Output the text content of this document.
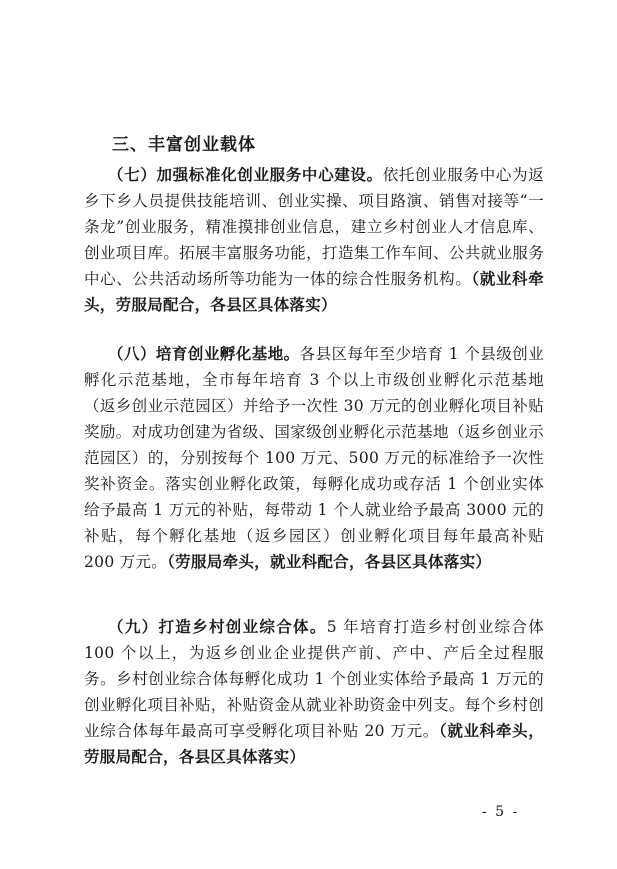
三、丰富创业载体
（七）加强标准化创业服务中心建设。依托创业服务中心为返乡下乡人员提供技能培训、创业实操、项目路演、销售对接等“一条龙”创业服务，精准摸排创业信息，建立乡村创业人才信息库、创业项目库。拓展丰富服务功能，打造集工作车间、公共就业服务中心、公共活动场所等功能为一体的综合性服务机构。（就业科牵头，劳服局配合，各县区具体落实）
（八）培育创业孵化基地。各县区每年至少培育 1 个县级创业孵化示范基地，全市每年培育 3 个以上市级创业孵化示范基地（返乡创业示范园区）并给予一次性 30 万元的创业孵化项目补贴奖励。对成功创建为省级、国家级创业孵化示范基地（返乡创业示范园区）的，分别按每个 100 万元、500 万元的标准给予一次性奖补资金。落实创业孵化政策，每孵化成功或存活 1 个创业实体给予最高 1 万元的补贴，每带动 1 个人就业给予最高 3000 元的补贴，每个孵化基地（返乡园区）创业孵化项目每年最高补贴 200 万元。（劳服局牵头，就业科配合，各县区具体落实）
（九）打造乡村创业综合体。5 年培育打造乡村创业综合体 100 个以上，为返乡创业企业提供产前、产中、产后全过程服务。乡村创业综合体每孵化成功 1 个创业实体给予最高 1 万元的创业孵化项目补贴，补贴资金从就业补助资金中列支。每个乡村创业综合体每年最高可享受孵化项目补贴 20 万元。（就业科牵头，劳服局配合，各县区具体落实）
- 5 -
